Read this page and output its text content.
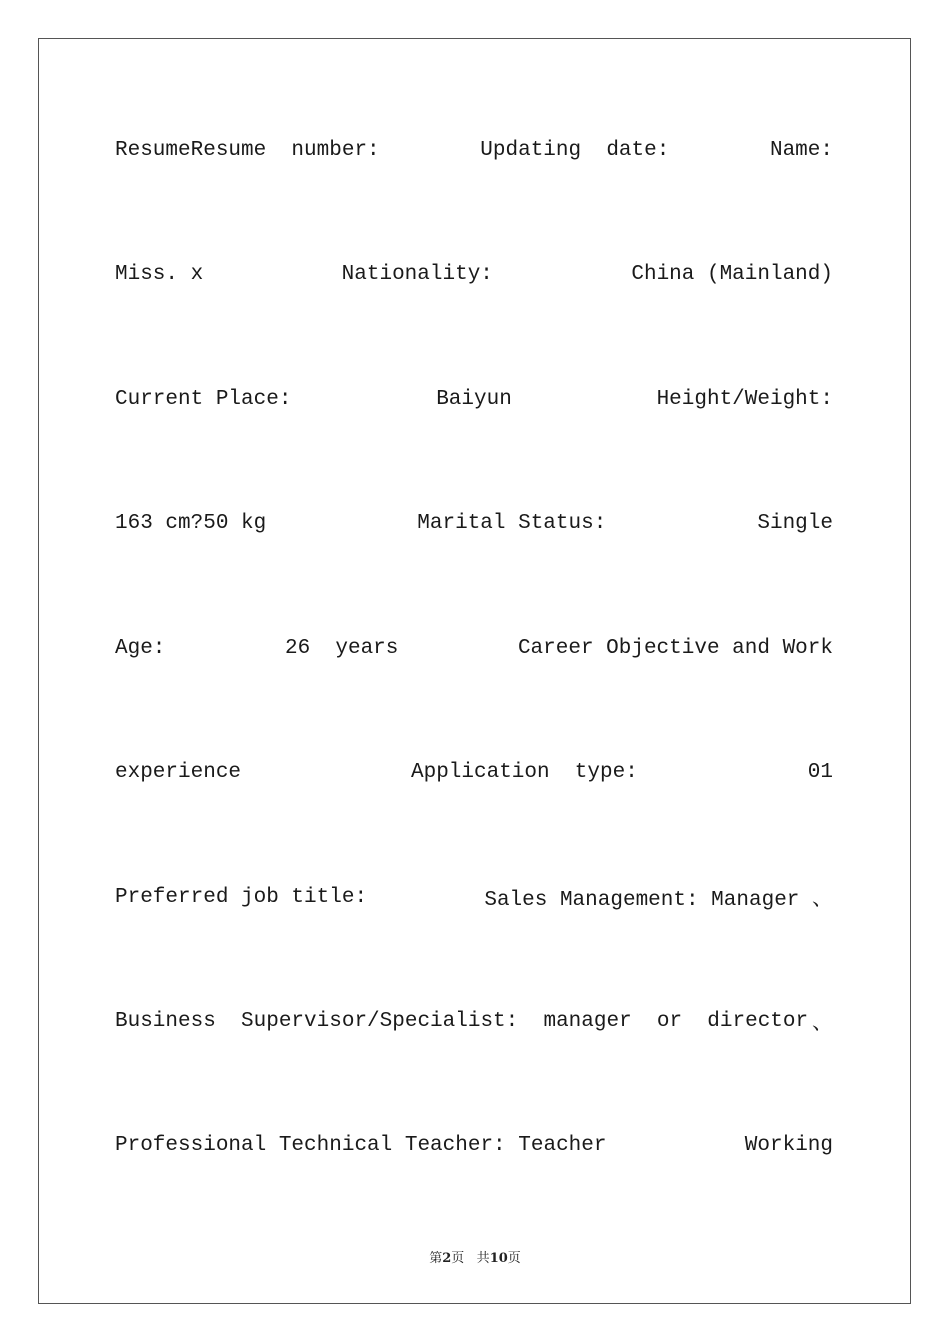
ResumeResume  number:	Updating  date:	Name:
Miss. x	Nationality:	China (Mainland)
Current Place:	Baiyun	Height/Weight:
163 cm?50 kg	Marital Status:	Single
Age:	26  years	Career Objective and Work
experience	Application  type:	01
Preferred job title:	Sales Management: Manager 、
Business  Supervisor/Specialist:  manager  or  director 、
Professional Technical Teacher: Teacher	Working
第2页 共10页
